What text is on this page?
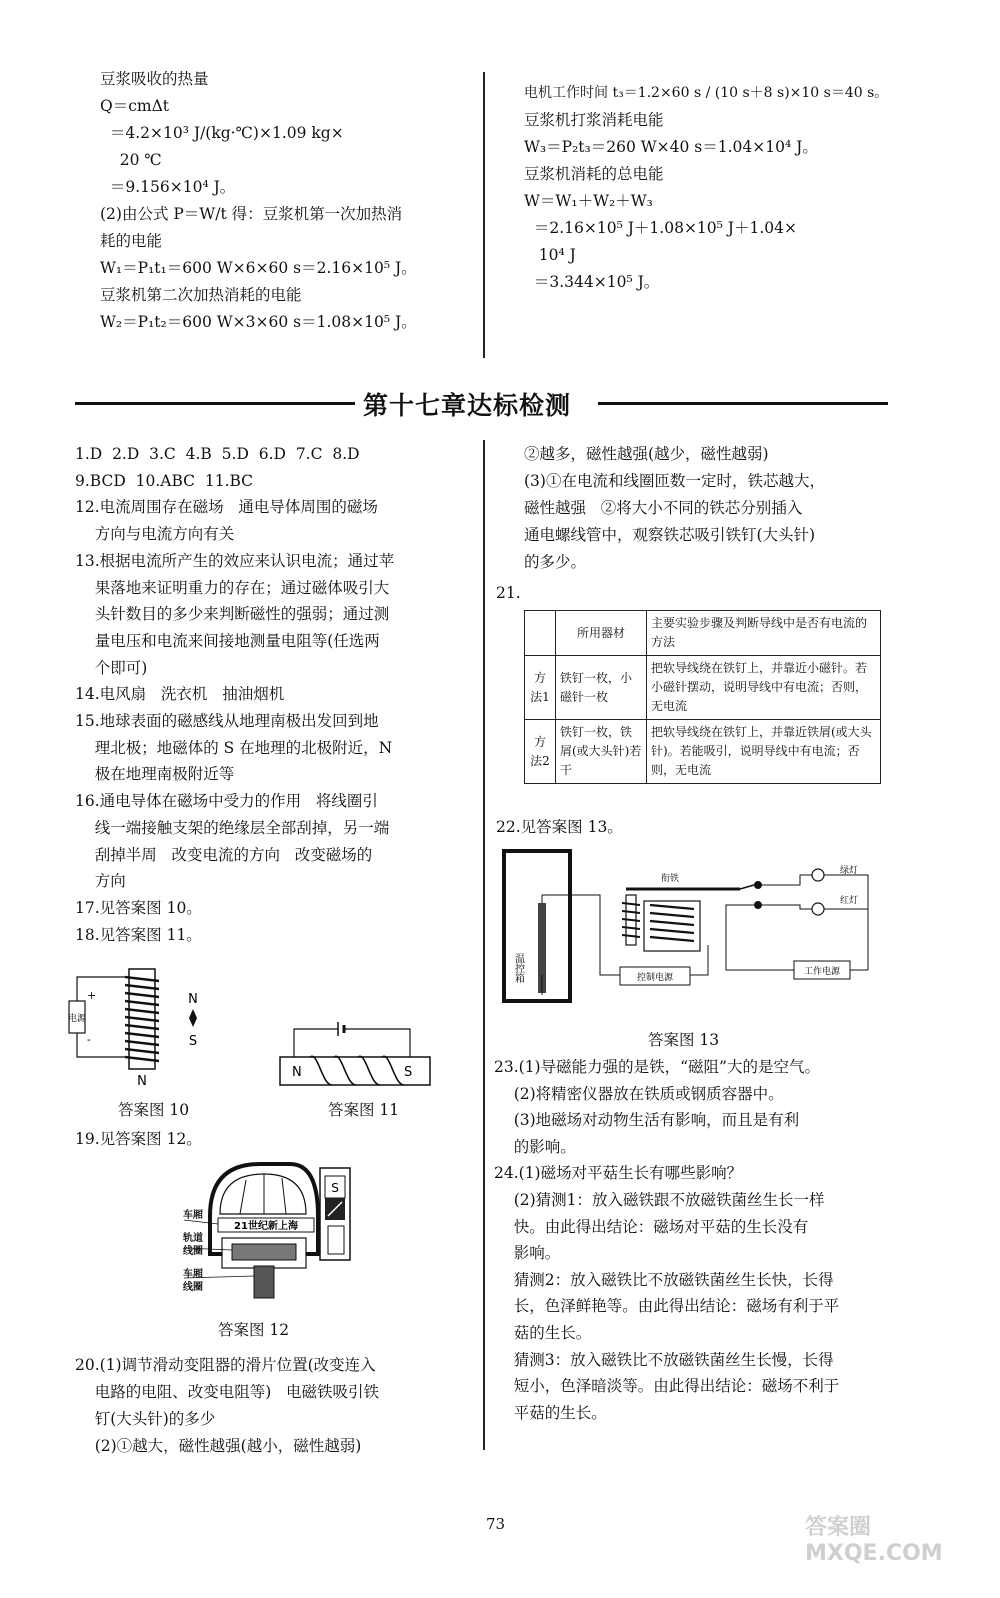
豆浆吸收的热量
Q＝cmΔt
＝4.2×10³ J/(kg·℃)×1.09 kg×
20 ℃
＝9.156×10⁴ J。
(2)由公式 P＝W/t 得：豆浆机第一次加热消
耗的电能
W₁＝P₁t₁＝600 W×6×60 s＝2.16×10⁵ J。
豆浆机第二次加热消耗的电能
W₂＝P₁t₂＝600 W×3×60 s＝1.08×10⁵ J。
电机工作时间 t₃＝1.2×60 s / (10 s＋8 s)×10 s＝40 s。
豆浆机打浆消耗电能
W₃＝P₂t₃＝260 W×40 s＝1.04×10⁴ J。
豆浆机消耗的总电能
W＝W₁＋W₂＋W₃
＝2.16×10⁵ J＋1.08×10⁵ J＋1.04×
10⁴ J
＝3.344×10⁵ J。
第十七章达标检测
1.D  2.D  3.C  4.B  5.D  6.D  7.C  8.D
9.BCD  10.ABC  11.BC
12.电流周围存在磁场   通电导体周围的磁场
方向与电流方向有关
13.根据电流所产生的效应来认识电流；通过苹
果落地来证明重力的存在；通过磁体吸引大
头针数目的多少来判断磁性的强弱；通过测
量电压和电流来间接地测量电阻等(任选两
个即可)
14.电风扇   洗衣机   抽油烟机
15.地球表面的磁感线从地理南极出发回到地
理北极；地磁体的 S 在地理的北极附近，N
极在地理南极附近等
16.通电导体在磁场中受力的作用   将线圈引
线一端接触支架的绝缘层全部刮掉，另一端
刮掉半周   改变电流的方向   改变磁场的
方向
17.见答案图 10。
18.见答案图 11。
电源
+
-
N
N
S
答案图 10
N	S
答案图 11
19.见答案图 12。
21世纪新上海
S
车厢
轨道线圈
车厢线圈
答案图 12
20.(1)调节滑动变阻器的滑片位置(改变连入
电路的电阻、改变电阻等)   电磁铁吸引铁
钉(大头针)的多少
(2)①越大，磁性越强(越小，磁性越弱)
②越多，磁性越强(越少，磁性越弱)
(3)①在电流和线圈匝数一定时，铁芯越大，
磁性越强   ②将大小不同的铁芯分别插入
通电螺线管中，观察铁芯吸引铁钉(大头针)
的多少。
21.
	所用器材	主要实验步骤及判断导线中是否有电流的方法
方法1	铁钉一枚，小磁针一枚	把软导线绕在铁钉上，并靠近小磁针。若小磁针摆动，说明导线中有电流；否则，无电流
方法2	铁钉一枚，铁屑(或大头针)若干	把软导线绕在铁钉上，并靠近铁屑(或大头针)。若能吸引，说明导线中有电流；否则，无电流
22.见答案图 13。
温控箱	控制电源
衔铁
绿灯
红灯
工作电源
答案图 13
23.(1)导磁能力强的是铁，“磁阻”大的是空气。
(2)将精密仪器放在铁质或钢质容器中。
(3)地磁场对动物生活有影响，而且是有利
的影响。
24.(1)磁场对平菇生长有哪些影响？
(2)猜测1：放入磁铁跟不放磁铁菌丝生长一样
快。由此得出结论：磁场对平菇的生长没有
影响。
猜测2：放入磁铁比不放磁铁菌丝生长快，长得
长，色泽鲜艳等。由此得出结论：磁场有利于平
菇的生长。
猜测3：放入磁铁比不放磁铁菌丝生长慢，长得
短小，色泽暗淡等。由此得出结论：磁场不利于
平菇的生长。
73	答案圈 MXQE.COM
